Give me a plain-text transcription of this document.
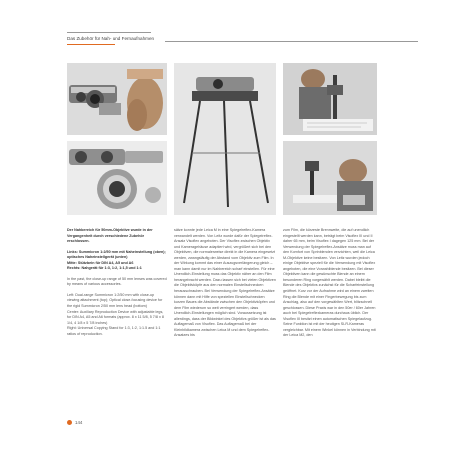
Das Zubehör für Nah- und Fernaufnahmen

Der Nahbereich für 50mm-Objektive wurde in der Vergangenheit durch verschiedene Zubehör erschlossen.

Links: Summicron 1:2/50 mm mit Naheinstellung (oben); optisches Naheinstellgerät (unten)

Mitte: Stützbein für DIN A4, A5 und A6

Rechts: Nahgerät für 1:3, 1:2, 1:1,5 und 1:1

In the past, the close-up range of 50 mm lenses was covered by means of various accessories.

Left: Dual-range Summicron 1:2/50 mm with close-up viewing attachment (top); Optical close-focusing device for the rigid Summicron 2/50 mm lens head (bottom)

Center: Auxiliary Reproduction Device with adjustable legs, for DIN A4, A5 and A6 formats (approx. 8 x 11 5/8, 5 7/8 x 8 1/4, 4 1/8 x 5 7/8 inches)

Right: Universal Copying Stand for 1:3, 1:2, 1:1.5 and 1:1 ratios of reproduction.

sätze konnte jede Leica M in eine Spiegelreflex-Kamera verwandelt werden. Von Leitz wurde dafür der Spiegelreflex-Ansatz Visoflex angeboten. Der Visoflex zwischen Objektiv und Kameragehäuse adaptiert wird, vergrößert sich bei den Objektiven, die normalerweise direkt in die Kamera eingesetzt werden, zwangsläufig der Abstand vom Objektiv zum Film. In der Wirkung kommt das einer Auszugsverlängerung gleich – man kann damit nur im Nahbereich scharf einstellen. Für eine Unendlich-Einstellung muss das Objektiv näher an den Film herangebracht werden. Dazu lassen sich bei vielen Objektiven die Objektivköpfe aus den normalen Einstellschnecken herausschrauben. Bei Verwendung der Spiegelreflex-Ansätze können dann mit Hilfe von speziellen Einstellschnecken kurzen Baues die Abstände zwischen den Objektivköpfen und dem Film wiederum so weit verringert werden, dass Unendlich-Einstellungen möglich sind. Voraussetzung ist allerdings, dass der Bildwinkel des Objektivs größer ist als das Auflagemaß von Visoflex. Das Auflagemaß bei der Kleinbildkamera zwischen Leica M und dem Spiegelreflex-Ansatzes bis

zum Film, die kürzeste Brennweite, die auf unendlich eingestellt werden kann, beträgt beim Visoflex III und II daher 65 mm, beim Visoflex I dagegen 125 mm. Bei der Verwendung der Spiegelreflex-Ansätze muss man auf den Komfort von Sprinblenden verzichten, weil die Leica M-Objektive keine besitzen. Von Leitz wurden jedoch einige Objektive speziell für die Verwendung mit Visoflex angeboten, die eine Vorwahlblende besitzen. Bei dieser Objektiven kann die gewünschte Blende an einem besonderen Ring vorgewählt werden. Dabei bleibt die Blende des Objektivs zunächst für die Scharfeinstellung geöffnet. Kurz vor der Aufnahme wird an einem zweiten Ring die Blende mit einer Fingerbewegung bis zum Anschlag, also auf den vorgewählten Wert, blitzschnell geschlossen. Diese Praxis war in den 50er / 60er Jahren auch bei Spiegelreflexkameras durchaus üblich. Der Visoflex III besitzt einen automatischen Spiegelaufzug. Seine Funktion ist mit der heutigen SLR-Kameras vergleichbar. Mit einem Winkel können in Verbindung mit der Leica M2, den

144
